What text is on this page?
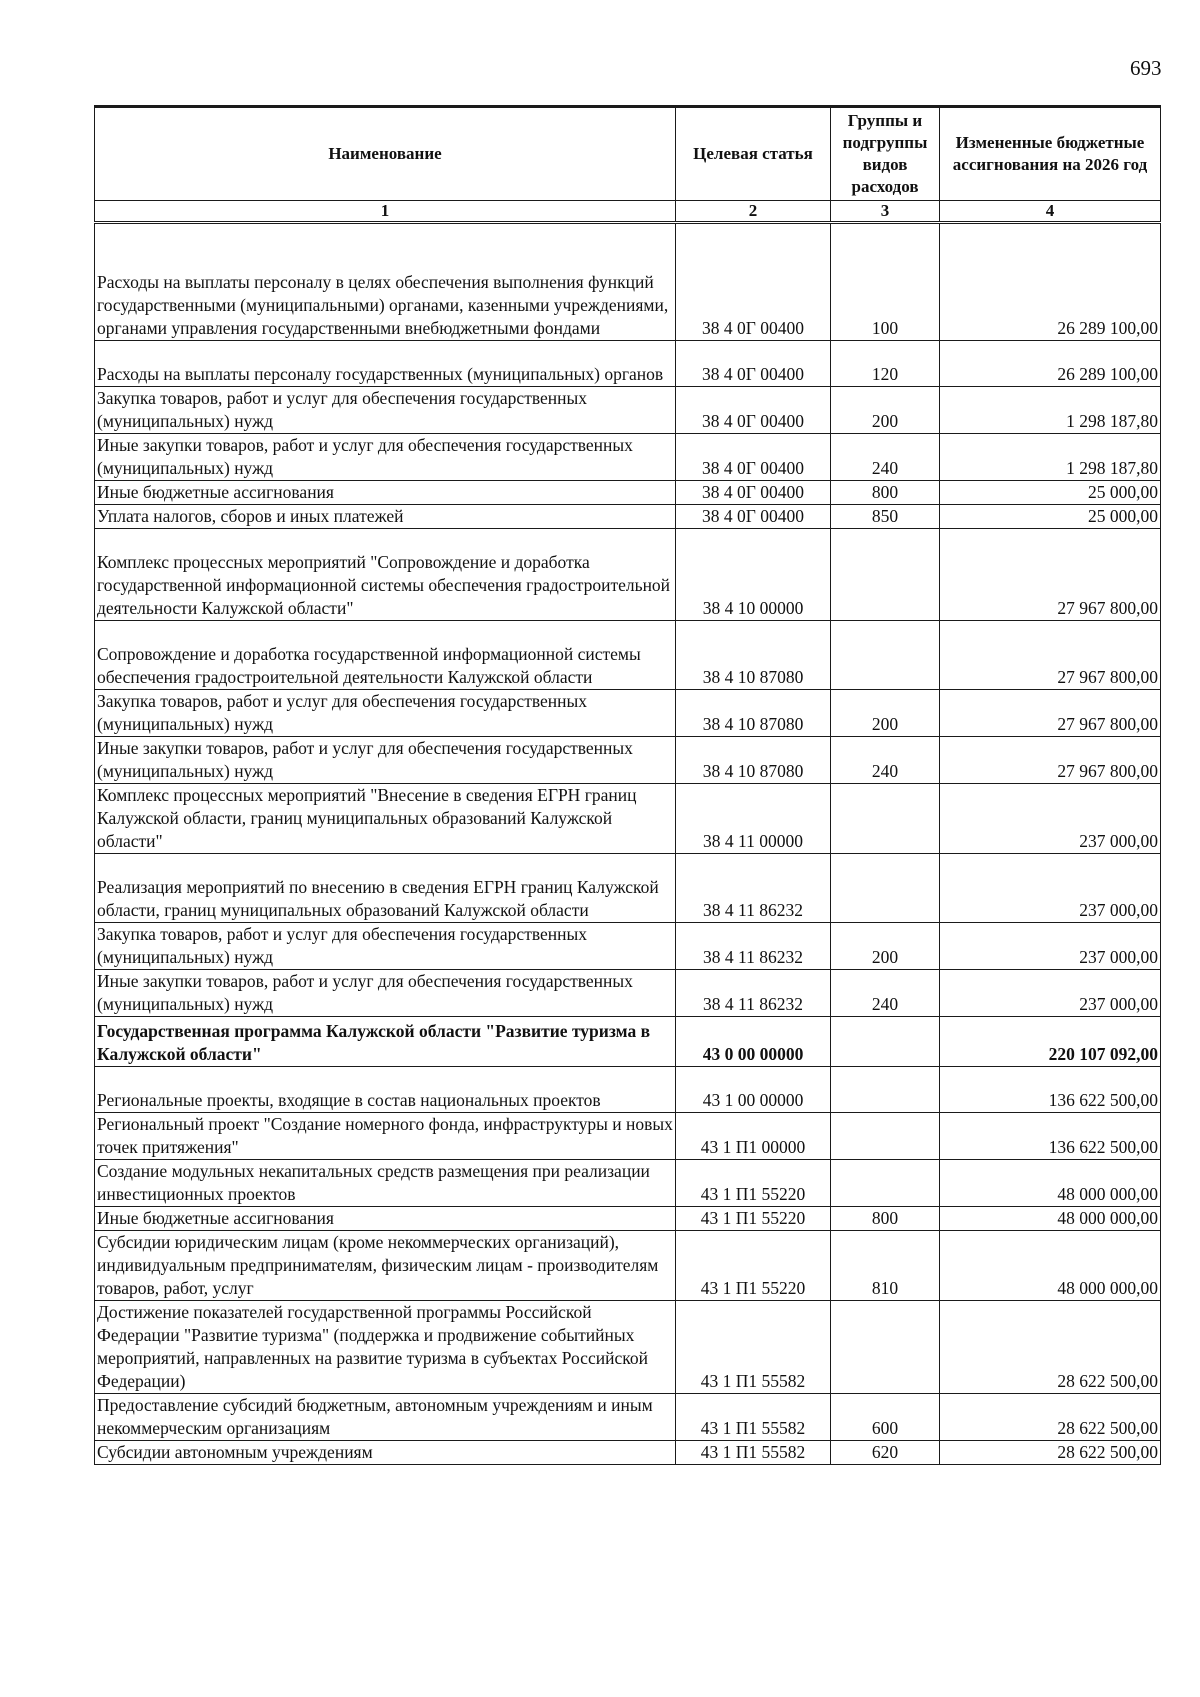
693
Наименование	Целевая статья	Группы и подгруппы видов расходов	Измененные бюджетные ассигнования на 2026 год
1	2	3	4
Расходы на выплаты персоналу в целях обеспечения выполнения функций государственными (муниципальными) органами, казенными учреждениями, органами управления государственными внебюджетными фондами	38 4 0Г 00400	100	26 289 100,00
Расходы на выплаты персоналу государственных (муниципальных) органов	38 4 0Г 00400	120	26 289 100,00
Закупка товаров, работ и услуг для обеспечения государственных (муниципальных) нужд	38 4 0Г 00400	200	1 298 187,80
Иные закупки товаров, работ и услуг для обеспечения государственных (муниципальных) нужд	38 4 0Г 00400	240	1 298 187,80
Иные бюджетные ассигнования	38 4 0Г 00400	800	25 000,00
Уплата налогов, сборов и иных платежей	38 4 0Г 00400	850	25 000,00
Комплекс процессных мероприятий "Сопровождение и доработка государственной информационной системы обеспечения градостроительной деятельности Калужской области"	38 4 10 00000		27 967 800,00
Сопровождение и доработка государственной информационной системы обеспечения градостроительной деятельности Калужской области	38 4 10 87080		27 967 800,00
Закупка товаров, работ и услуг для обеспечения государственных (муниципальных) нужд	38 4 10 87080	200	27 967 800,00
Иные закупки товаров, работ и услуг для обеспечения государственных (муниципальных) нужд	38 4 10 87080	240	27 967 800,00
Комплекс процессных мероприятий "Внесение в сведения ЕГРН границ Калужской области, границ муниципальных образований Калужской области"	38 4 11 00000		237 000,00
Реализация мероприятий по внесению в сведения ЕГРН границ Калужской области, границ муниципальных образований Калужской области	38 4 11 86232		237 000,00
Закупка товаров, работ и услуг для обеспечения государственных (муниципальных) нужд	38 4 11 86232	200	237 000,00
Иные закупки товаров, работ и услуг для обеспечения государственных (муниципальных) нужд	38 4 11 86232	240	237 000,00
Государственная программа Калужской области "Развитие туризма в Калужской области"	43 0 00 00000		220 107 092,00
Региональные проекты, входящие в состав национальных проектов	43 1 00 00000		136 622 500,00
Региональный проект "Создание номерного фонда, инфраструктуры и новых точек притяжения"	43 1 П1 00000		136 622 500,00
Создание модульных некапитальных средств размещения при реализации инвестиционных проектов	43 1 П1 55220		48 000 000,00
Иные бюджетные ассигнования	43 1 П1 55220	800	48 000 000,00
Субсидии юридическим лицам (кроме некоммерческих организаций), индивидуальным предпринимателям, физическим лицам - производителям товаров, работ, услуг	43 1 П1 55220	810	48 000 000,00
Достижение показателей государственной программы Российской Федерации "Развитие туризма" (поддержка и продвижение событийных мероприятий, направленных на развитие туризма в субъектах Российской Федерации)	43 1 П1 55582		28 622 500,00
Предоставление субсидий бюджетным, автономным учреждениям и иным некоммерческим организациям	43 1 П1 55582	600	28 622 500,00
Субсидии автономным учреждениям	43 1 П1 55582	620	28 622 500,00
